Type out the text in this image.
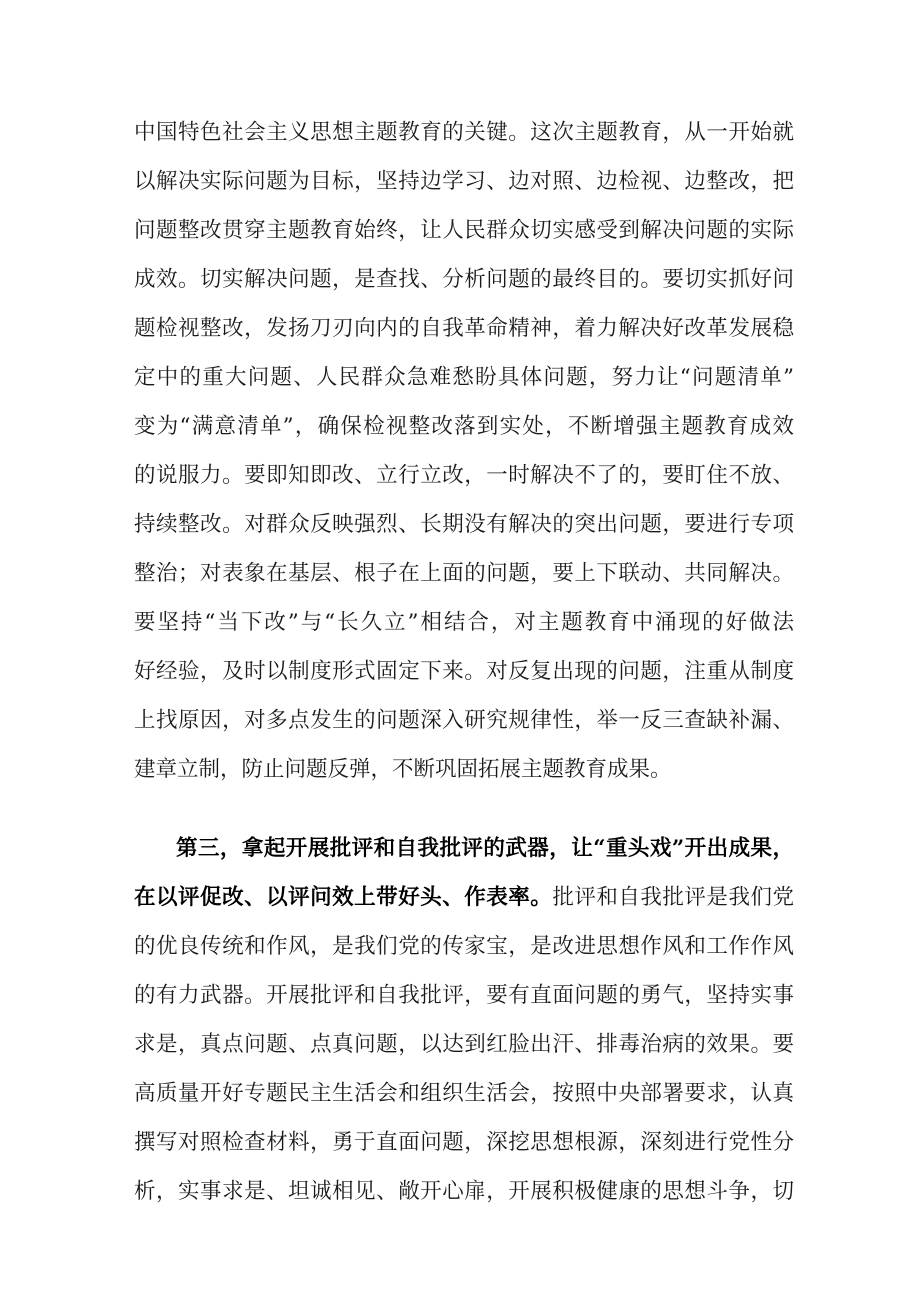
中国特色社会主义思想主题教育的关键。这次主题教育，从一开始就
以解决实际问题为目标，坚持边学习、边对照、边检视、边整改，把
问题整改贯穿主题教育始终，让人民群众切实感受到解决问题的实际
成效。切实解决问题，是查找、分析问题的最终目的。要切实抓好问
题检视整改，发扬刀刃向内的自我革命精神，着力解决好改革发展稳
定中的重大问题、人民群众急难愁盼具体问题，努力让“问题清单”
变为“满意清单”，确保检视整改落到实处，不断增强主题教育成效
的说服力。要即知即改、立行立改，一时解决不了的，要盯住不放、
持续整改。对群众反映强烈、长期没有解决的突出问题，要进行专项
整治；对表象在基层、根子在上面的问题，要上下联动、共同解决。
要坚持“当下改”与“长久立”相结合，对主题教育中涌现的好做法
好经验，及时以制度形式固定下来。对反复出现的问题，注重从制度
上找原因，对多点发生的问题深入研究规律性，举一反三查缺补漏、
建章立制，防止问题反弹，不断巩固拓展主题教育成果。
第三，拿起开展批评和自我批评的武器，让“重头戏”开出成果，
在以评促改、以评问效上带好头、作表率。批评和自我批评是我们党
的优良传统和作风，是我们党的传家宝，是改进思想作风和工作作风
的有力武器。开展批评和自我批评，要有直面问题的勇气，坚持实事
求是，真点问题、点真问题，以达到红脸出汗、排毒治病的效果。要
高质量开好专题民主生活会和组织生活会，按照中央部署要求，认真
撰写对照检查材料，勇于直面问题，深挖思想根源，深刻进行党性分
析，实事求是、坦诚相见、敞开心扉，开展积极健康的思想斗争，切
